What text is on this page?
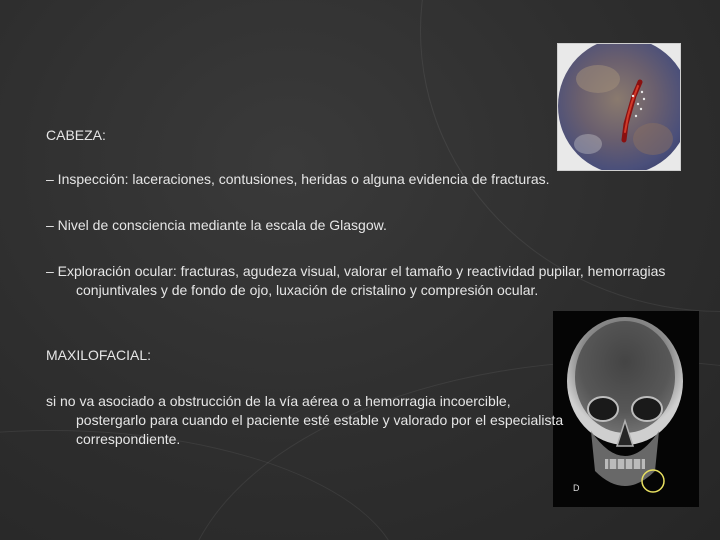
D
CABEZA:
– Inspección: laceraciones, contusiones, heridas o alguna evidencia de fracturas.
– Nivel de consciencia mediante la escala de Glasgow.
– Exploración ocular: fracturas, agudeza visual, valorar el tamaño y reactividad pupilar, hemorragias conjuntivales y de fondo de ojo, luxación de cristalino y compresión ocular.
MAXILOFACIAL:
si no va asociado a obstrucción de la vía aérea o a hemorragia incoercible, postergarlo para cuando el paciente esté estable y valorado por el especialista correspondiente.
